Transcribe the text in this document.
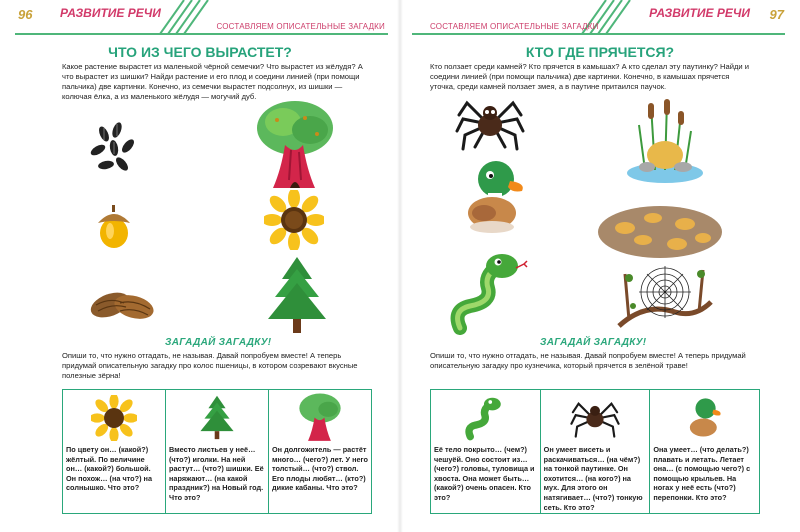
96 РАЗВИТИЕ РЕЧИ
СОСТАВЛЯЕМ ОПИСАТЕЛЬНЫЕ ЗАГАДКИ
ЧТО ИЗ ЧЕГО ВЫРАСТЕТ?
Какое растение вырастет из маленькой чёрной семечки? Что вырастет из жёлудя? А что вырастет из шишки? Найди растение и его плод и соедини линией (при помощи пальчика) две картинки. Конечно, из семечки вырастет подсолнух, из шишки — колючая ёлка, а из маленького жёлудя — могучий дуб.
ЗАГАДАЙ ЗАГАДКУ!
Опиши то, что нужно отгадать, не называя. Давай попробуем вместе! А теперь придумай описательную загадку про колос пшеницы, в котором созревают вкусные полезные зёрна!
По цвету он… (какой?) жёлтый. По величине он… (какой?) большой. Он похож… (на что?) на солнышко. Что это?
Вместо листьев у неё… (что?) иголки. На ней растут… (что?) шишки. Её наряжают… (на какой праздник?) на Новый год. Что это?
Он долгожитель — растёт много… (чего?) лет. У него толстый… (что?) ствол. Его плоды любят… (кто?) дикие кабаны. Что это?
97
РАЗВИТИЕ РЕЧИ
СОСТАВЛЯЕМ ОПИСАТЕЛЬНЫЕ ЗАГАДКИ
КТО ГДЕ ПРЯЧЕТСЯ?
Кто ползает среди камней? Кто прячется в камышах? А кто сделал эту паутинку? Найди и соедини линией (при помощи пальчика) две картинки. Конечно, в камышах прячется уточка, среди камней ползает змея, а в паутине притаился паучок.
ЗАГАДАЙ ЗАГАДКУ!
Опиши то, что нужно отгадать, не называя. Давай попробуем вместе! А теперь придумай описательную загадку про кузнечика, который прячется в зелёной траве!
Её тело покрыто… (чем?) чешуёй. Оно состоит из… (чего?) головы, туловища и хвоста. Она может быть… (какой?) очень опасен. Кто это?
Он умеет висеть и раскачиваться… (на чём?) на тонкой паутинке. Он охотится… (на кого?) на мух. Для этого он натягивает… (что?) тонкую сеть. Кто это?
Она умеет… (что делать?) плавать и летать. Летает она… (с помощью чего?) с помощью крыльев. На ногах у неё есть (что?) перепонки. Кто это?
